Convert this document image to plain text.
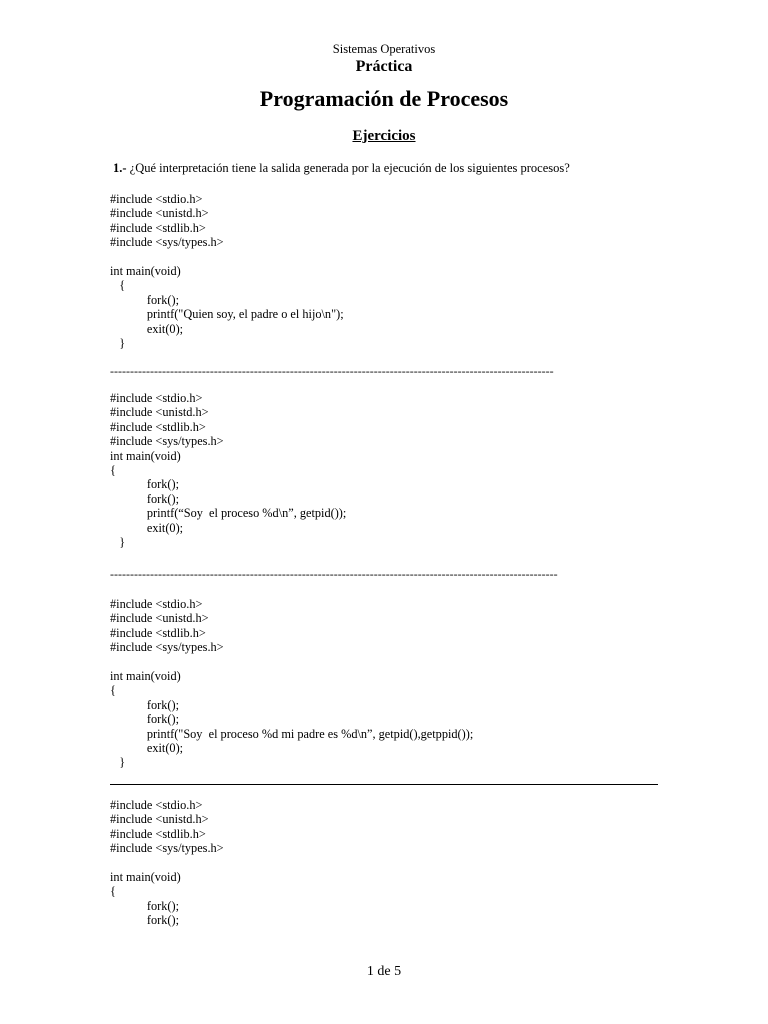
Sistemas Operativos
Práctica
Programación de Procesos
Ejercicios
1.- ¿Qué interpretación tiene la salida generada por la ejecución de los siguientes procesos?
#include <stdio.h>
#include <unistd.h>
#include <stdlib.h>
#include <sys/types.h>
int main(void)
{
fork();
printf("Quien soy, el padre o el hijo\n");
exit(0);
}
---------------------------------------------------------------------------------------------------------------
#include <stdio.h>
#include <unistd.h>
#include <stdlib.h>
#include <sys/types.h>
int main(void)
{
fork();
fork();
printf(“Soy  el proceso %d\n”, getpid());
exit(0);
}
----------------------------------------------------------------------------------------------------------------
#include <stdio.h>
#include <unistd.h>
#include <stdlib.h>
#include <sys/types.h>
int main(void)
{
fork();
fork();
printf("Soy  el proceso %d mi padre es %d\n”, getpid(),getppid());
exit(0);
}
#include <stdio.h>
#include <unistd.h>
#include <stdlib.h>
#include <sys/types.h>
int main(void)
{
fork();
fork();
1 de 5
